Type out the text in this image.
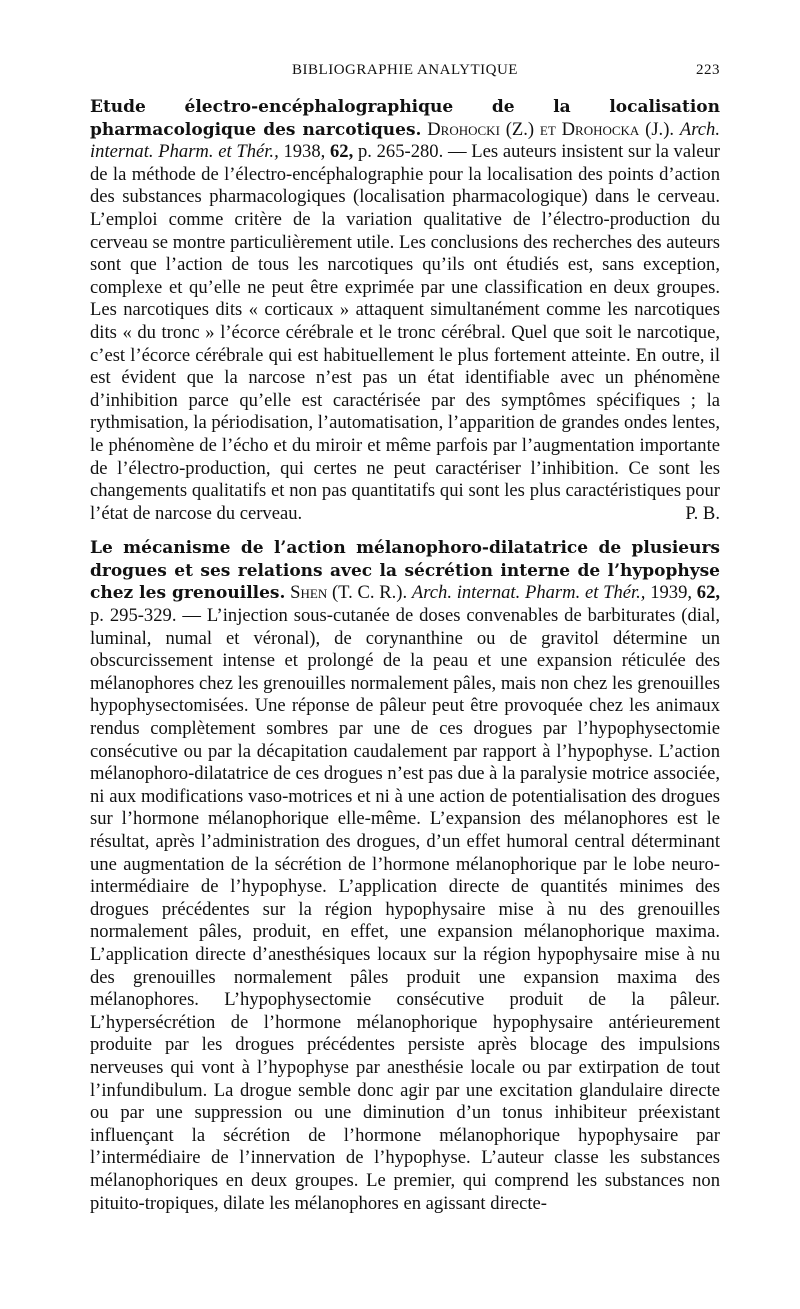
BIBLIOGRAPHIE ANALYTIQUE	223

Etude électro-encéphalographique de la localisation pharmacologique des narcotiques. Drohocki (Z.) et Drohocka (J.). Arch. internat. Pharm. et Thér., 1938, 62, p. 265-280. — Les auteurs insistent sur la valeur de la méthode de l’électro-encéphalographie pour la localisation des points d’action des substances pharmacologiques (localisation pharmacologique) dans le cerveau. L’emploi comme critère de la variation qualitative de l’électro-production du cerveau se montre particulièrement utile. Les conclusions des recherches des auteurs sont que l’action de tous les narcotiques qu’ils ont étudiés est, sans exception, complexe et qu’elle ne peut être exprimée par une classification en deux groupes. Les narcotiques dits « corticaux » attaquent simultanément comme les narcotiques dits « du tronc » l’écorce cérébrale et le tronc cérébral. Quel que soit le narcotique, c’est l’écorce cérébrale qui est habituellement le plus fortement atteinte. En outre, il est évident que la narcose n’est pas un état identifiable avec un phénomène d’inhibition parce qu’elle est caractérisée par des symptômes spécifiques ; la rythmisation, la périodisation, l’automatisation, l’apparition de grandes ondes lentes, le phénomène de l’écho et du miroir et même parfois par l’augmentation importante de l’électro-production, qui certes ne peut caractériser l’inhibition. Ce sont les changements qualitatifs et non pas quantitatifs qui sont les plus caractéristiques pour l’état de narcose du cerveau.	P. B.

Le mécanisme de l’action mélanophoro-dilatatrice de plusieurs drogues et ses relations avec la sécrétion interne de l’hypophyse chez les grenouilles. Shen (T. C. R.). Arch. internat. Pharm. et Thér., 1939, 62, p. 295-329. — L’injection sous-cutanée de doses convenables de barbiturates (dial, luminal, numal et véronal), de corynanthine ou de gravitol détermine un obscurcissement intense et prolongé de la peau et une expansion réticulée des mélanophores chez les grenouilles normalement pâles, mais non chez les grenouilles hypophysectomisées. Une réponse de pâleur peut être provoquée chez les animaux rendus complètement sombres par une de ces drogues par l’hypophysectomie consécutive ou par la décapitation caudalement par rapport à l’hypophyse. L’action mélanophoro-dilatatrice de ces drogues n’est pas due à la paralysie motrice associée, ni aux modifications vaso-motrices et ni à une action de potentialisation des drogues sur l’hormone mélanophorique elle-même. L’expansion des mélanophores est le résultat, après l’administration des drogues, d’un effet humoral central déterminant une augmentation de la sécrétion de l’hormone mélanophorique par le lobe neuro-intermédiaire de l’hypophyse. L’application directe de quantités minimes des drogues précédentes sur la région hypophysaire mise à nu des grenouilles normalement pâles, produit, en effet, une expansion mélanophorique maxima. L’application directe d’anesthésiques locaux sur la région hypophysaire mise à nu des grenouilles normalement pâles produit une expansion maxima des mélanophores. L’hypophysectomie consécutive produit de la pâleur. L’hypersécrétion de l’hormone mélanophorique hypophysaire antérieurement produite par les drogues précédentes persiste après blocage des impulsions nerveuses qui vont à l’hypophyse par anesthésie locale ou par extirpation de tout l’infundibulum. La drogue semble donc agir par une excitation glandulaire directe ou par une suppression ou une diminution d’un tonus inhibiteur préexistant influençant la sécrétion de l’hormone mélanophorique hypophysaire par l’intermédiaire de l’innervation de l’hypophyse. L’auteur classe les substances mélanophoriques en deux groupes. Le premier, qui comprend les substances non pituito-tropiques, dilate les mélanophores en agissant directe-
